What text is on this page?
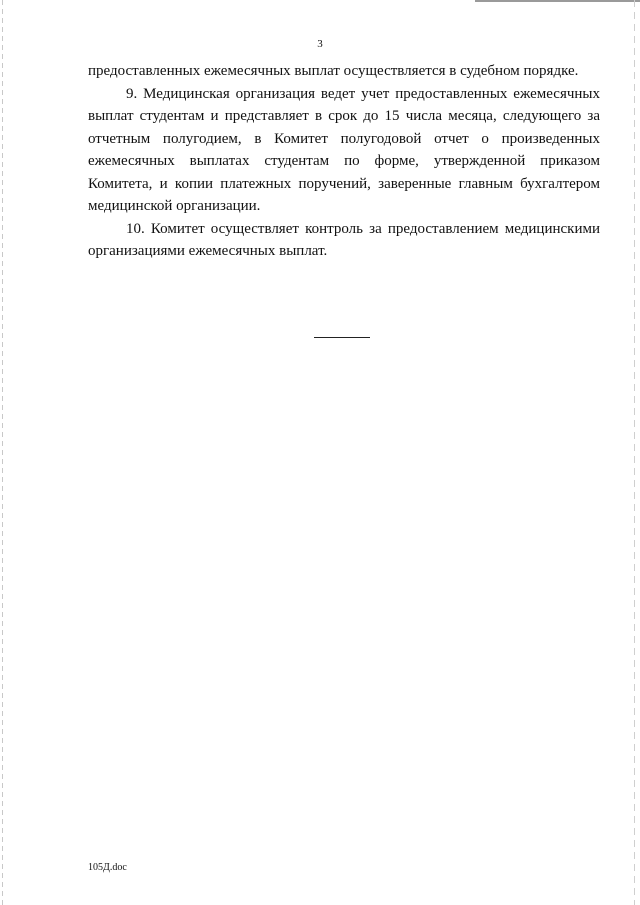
3

предоставленных ежемесячных выплат осуществляется в судебном порядке.

9. Медицинская организация ведет учет предоставленных ежемесячных выплат студентам и представляет в срок до 15 числа месяца, следующего за отчетным полугодием, в Комитет полугодовой отчет о произведенных ежемесячных выплатах студентам по форме, утвержденной приказом Комитета, и копии платежных поручений, заверенные главным бухгалтером медицинской организации.

10. Комитет осуществляет контроль за предоставлением медицинскими организациями ежемесячных выплат.

105Д.doc
